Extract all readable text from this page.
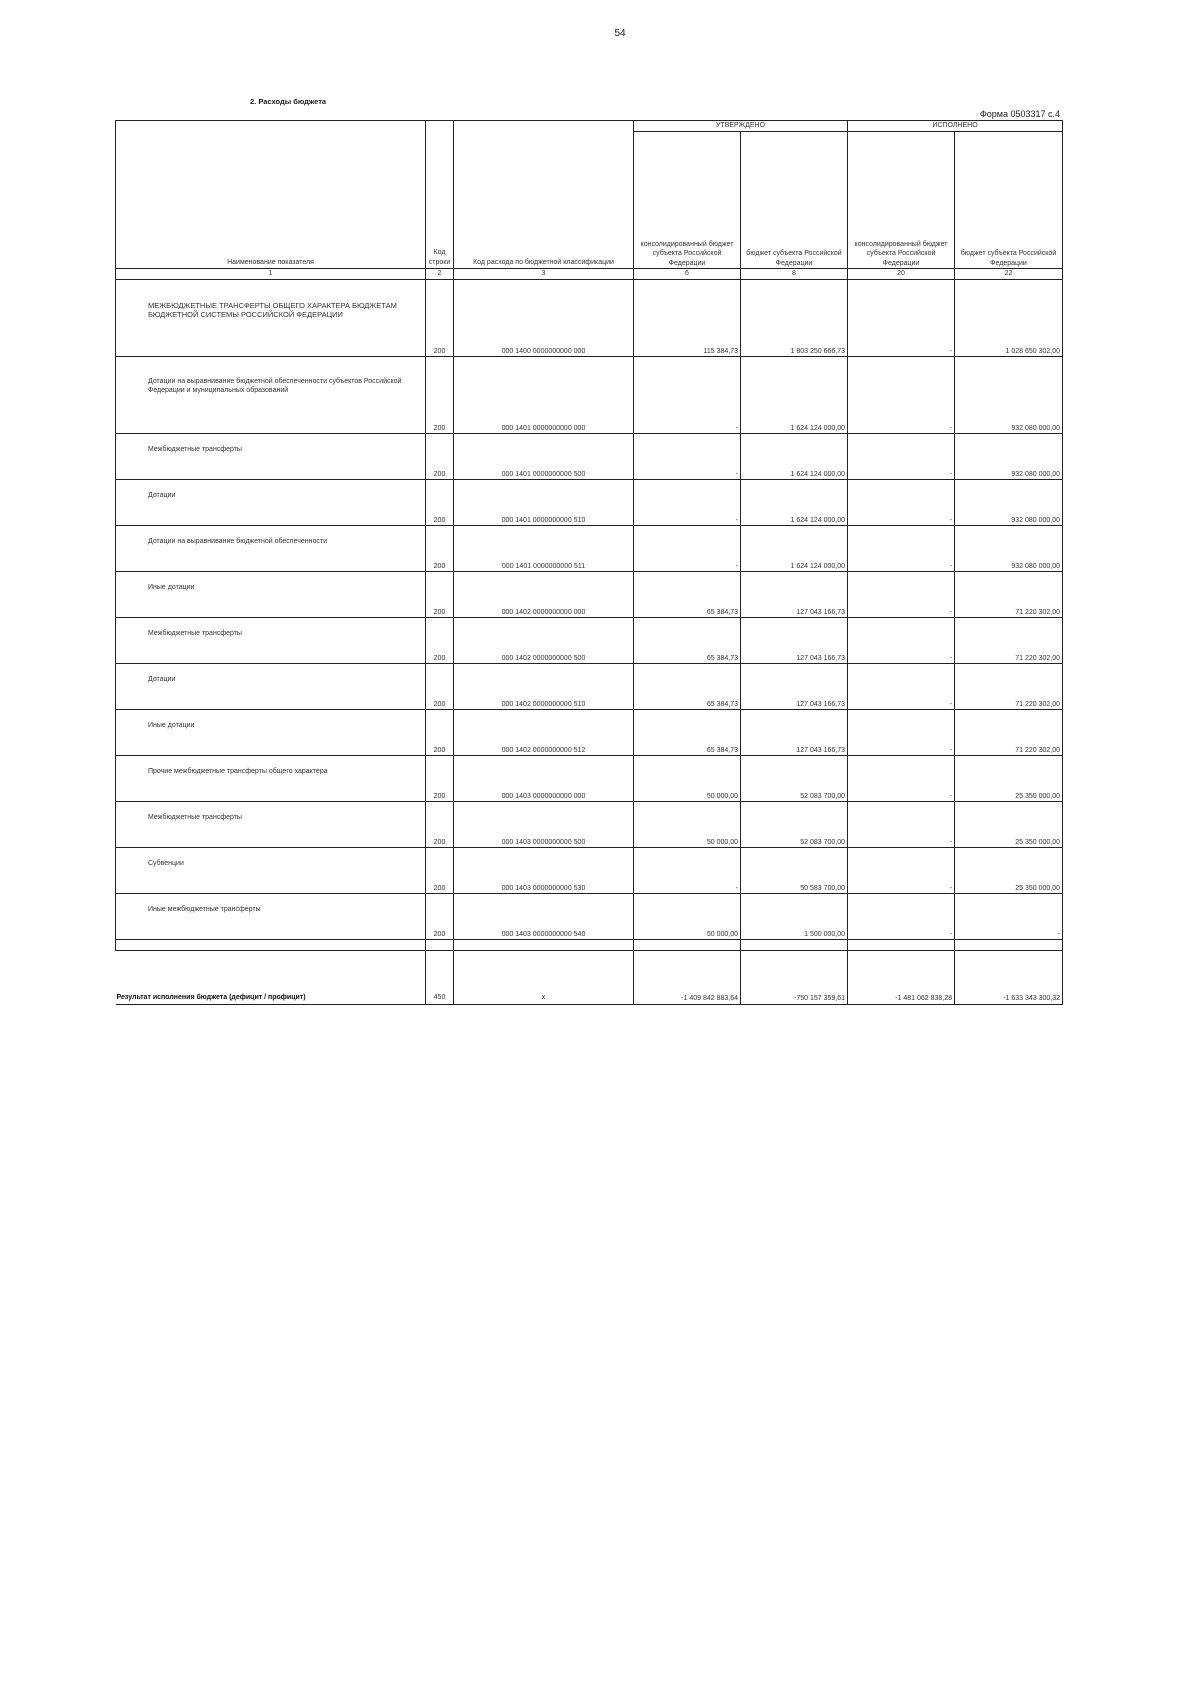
54
2. Расходы бюджета
Форма 0503317 с.4
Наименование показателя	Код строки	Код расхода по бюджетной классификации	УТВЕРЖДЕНО		ИСПОЛНЕНО	
			консолидированный бюджет субъекта Российской Федерации	бюджет субъекта Российской Федерации	консолидированный бюджет субъекта Российской Федерации	бюджет субъекта Российской Федерации
1	2	3	6	8	20	22
МЕЖБЮДЖЕТНЫЕ ТРАНСФЕРТЫ ОБЩЕГО ХАРАКТЕРА БЮДЖЕТАМ БЮДЖЕТНОЙ СИСТЕМЫ РОССИЙСКОЙ ФЕДЕРАЦИИ	200	000 1400 0000000000 000	115 384,73	1 803 250 666,73	-	1 028 650 302,00
Дотации на выравнивание бюджетной обеспеченности субъектов Российской Федерации и муниципальных образований	200	000 1401 0000000000 000	-	1 624 124 000,00	-	932 080 000,00
Межбюджетные трансферты	200	000 1401 0000000000 500	-	1 624 124 000,00	-	932 080 000,00
Дотации	200	000 1401 0000000000 510	-	1 624 124 000,00	-	932 080 000,00
Дотации на выравнивание бюджетной обеспеченности	200	000 1401 0000000000 511	-	1 624 124 000,00	-	932 080 000,00
Иные дотации	200	000 1402 0000000000 000	65 384,73	127 043 166,73	-	71 220 302,00
Межбюджетные трансферты	200	000 1402 0000000000 500	65 384,73	127 043 166,73	-	71 220 302,00
Дотации	200	000 1402 0000000000 510	65 384,73	127 043 166,73	-	71 220 302,00
Иные дотации	200	000 1402 0000000000 512	65 384,73	127 043 166,73	-	71 220 302,00
Прочие межбюджетные трансферты общего характера	200	000 1403 0000000000 000	50 000,00	52 083 700,00	-	25 350 000,00
Межбюджетные трансферты	200	000 1403 0000000000 500	50 000,00	52 083 700,00	-	25 350 000,00
Субвенции	200	000 1403 0000000000 530	-	50 583 700,00	-	25 350 000,00
Иные межбюджетные трансферты	200	000 1403 0000000000 540	50 000,00	1 500 000,00	-	-

Результат исполнения бюджета (дефицит / профицит)	450	x	-1 409 842 883,64	-750 157 359,61	-1 481 062 838,28	-1 633 343 300,32
